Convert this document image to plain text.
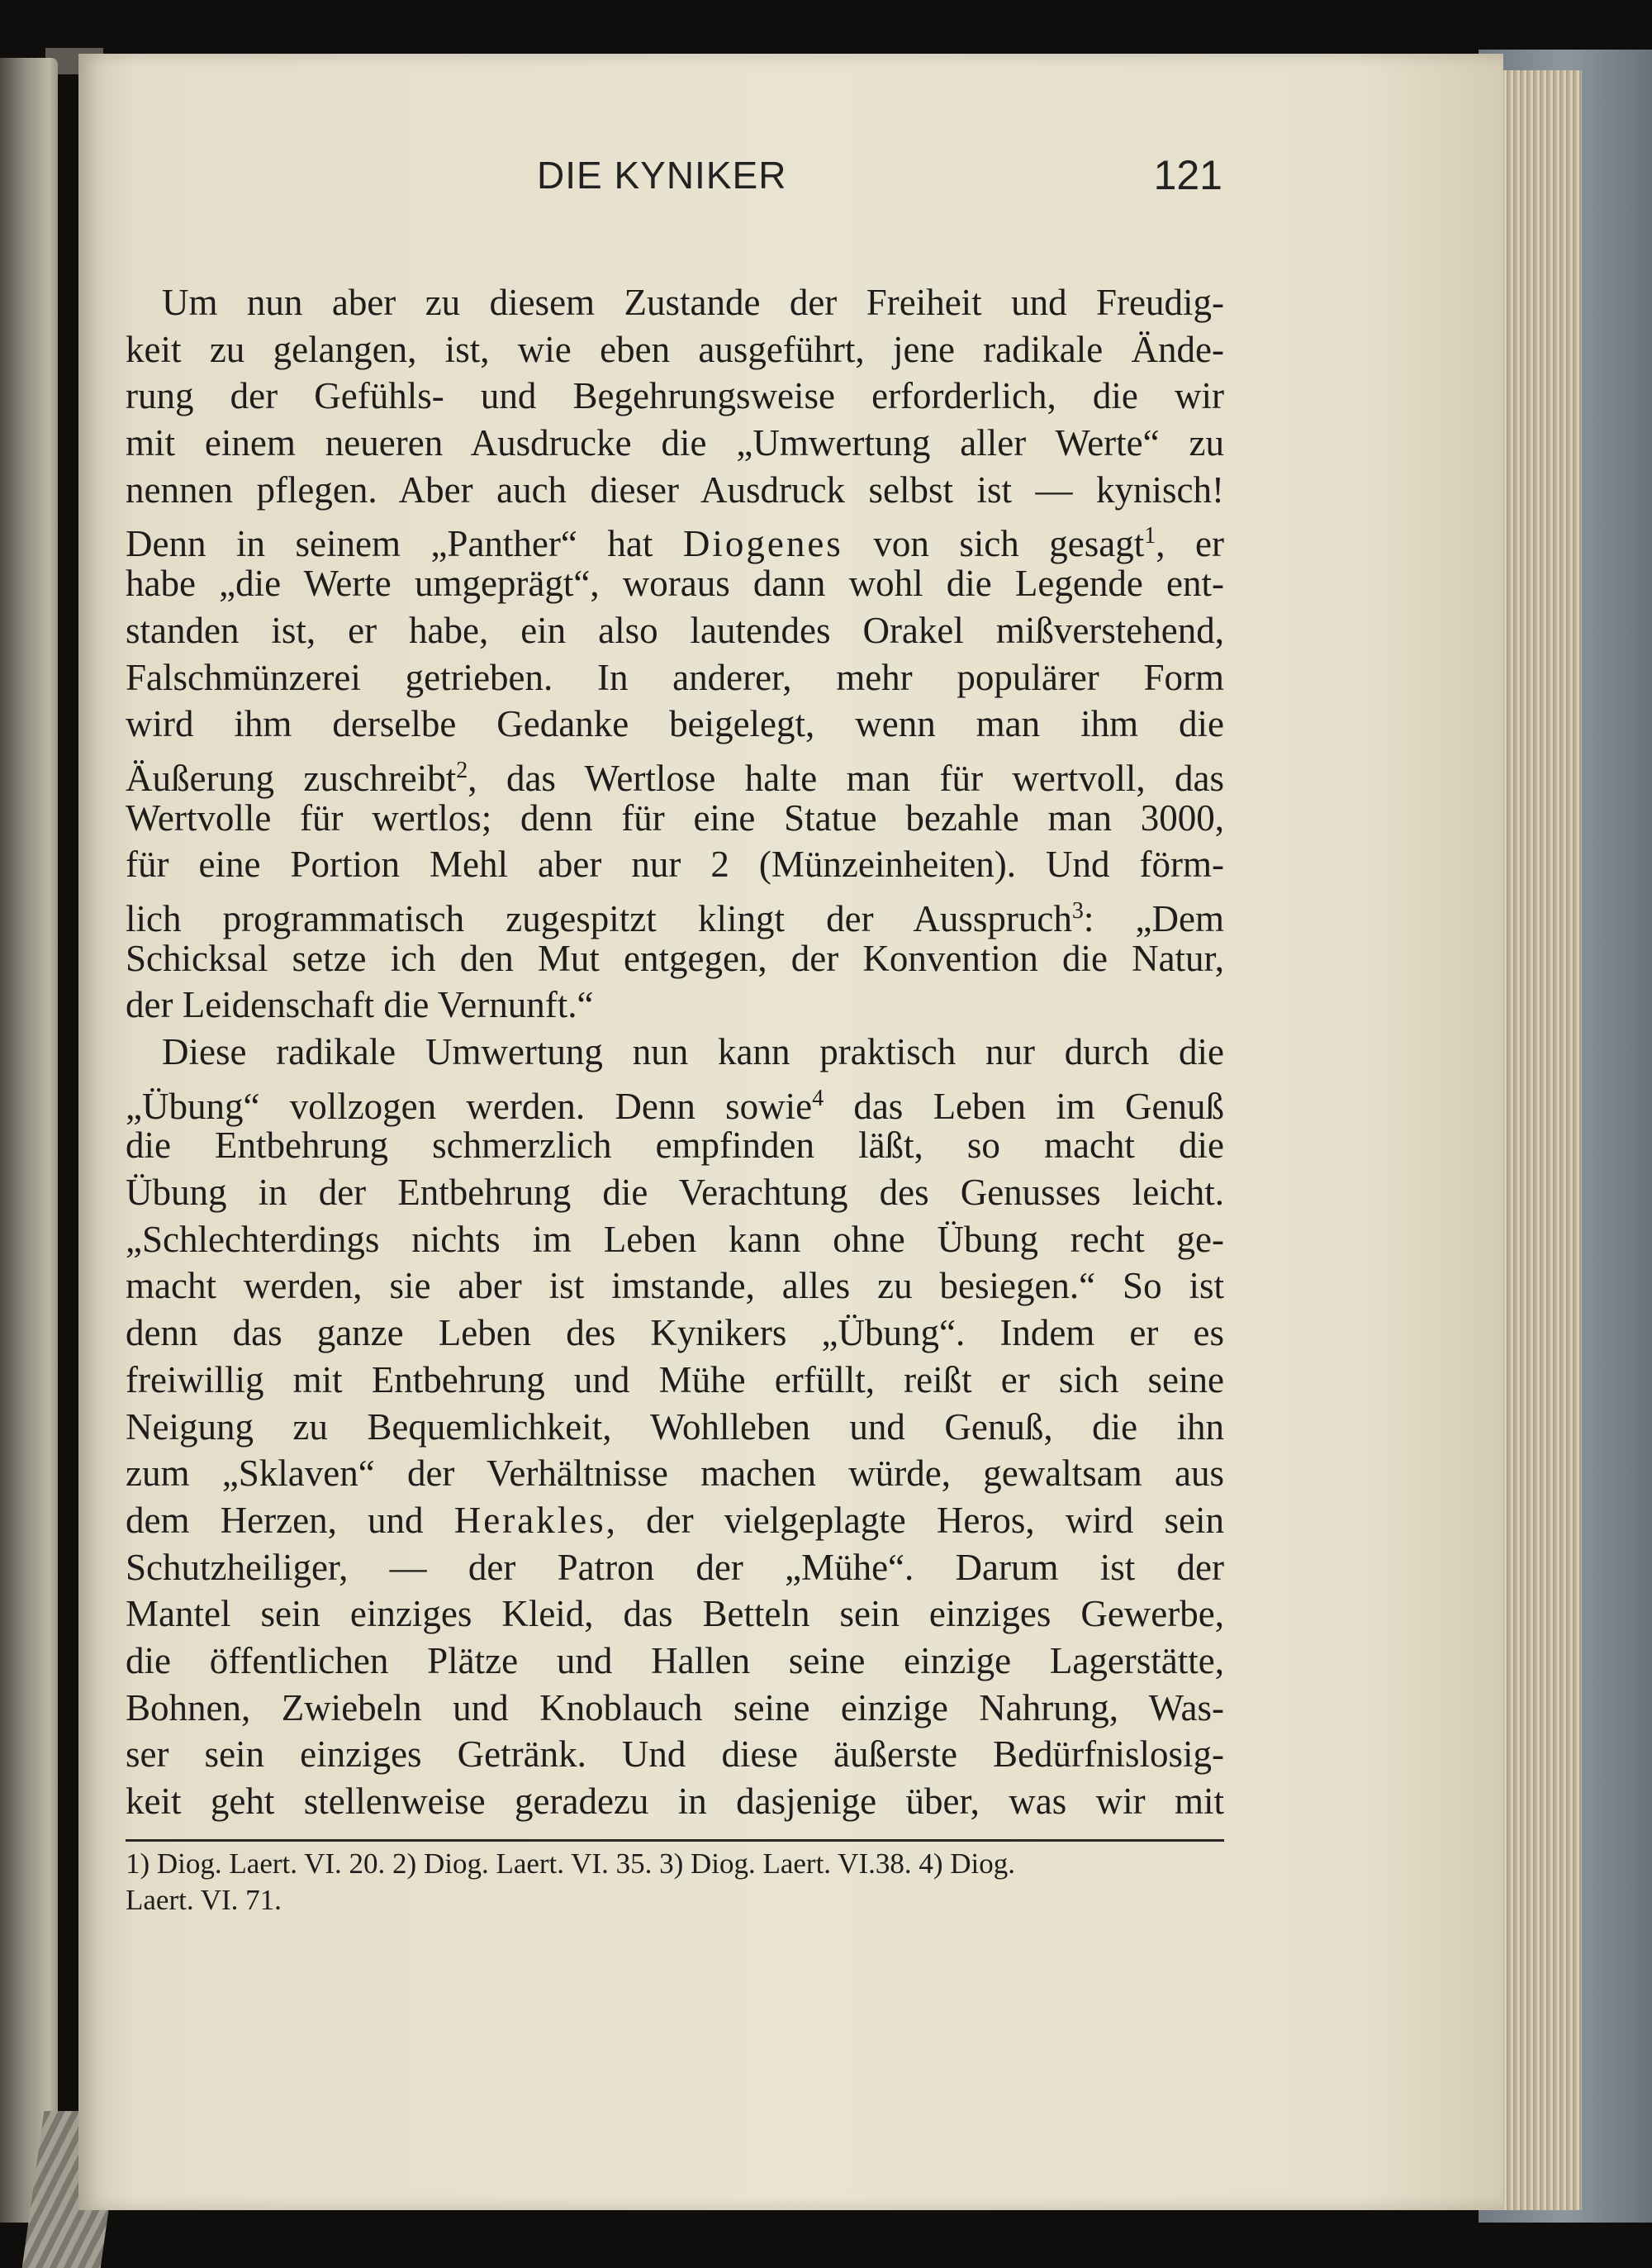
DIE KYNIKER	121
Um nun aber zu diesem Zustande der Freiheit und Freudig-
keit zu gelangen, ist, wie eben ausgeführt, jene radikale Ände-
rung der Gefühls- und Begehrungsweise erforderlich, die wir
mit einem neueren Ausdrucke die „Umwertung aller Werte“ zu
nennen pflegen. Aber auch dieser Ausdruck selbst ist — kynisch!
Denn in seinem „Panther“ hat Diogenes von sich gesagt$^1$, er
habe „die Werte umgeprägt“, woraus dann wohl die Legende ent-
standen ist, er habe, ein also lautendes Orakel mißverstehend,
Falschmünzerei getrieben. In anderer, mehr populärer Form
wird ihm derselbe Gedanke beigelegt, wenn man ihm die
Äußerung zuschreibt$^2$, das Wertlose halte man für wertvoll, das
Wertvolle für wertlos; denn für eine Statue bezahle man 3000,
für eine Portion Mehl aber nur 2 (Münzeinheiten). Und förm-
lich programmatisch zugespitzt klingt der Ausspruch$^3$: „Dem
Schicksal setze ich den Mut entgegen, der Konvention die Natur,
der Leidenschaft die Vernunft.“
Diese radikale Umwertung nun kann praktisch nur durch die
„Übung“ vollzogen werden. Denn sowie$^4$ das Leben im Genuß
die Entbehrung schmerzlich empfinden läßt, so macht die
Übung in der Entbehrung die Verachtung des Genusses leicht.
„Schlechterdings nichts im Leben kann ohne Übung recht ge-
macht werden, sie aber ist imstande, alles zu besiegen.“ So ist
denn das ganze Leben des Kynikers „Übung“. Indem er es
freiwillig mit Entbehrung und Mühe erfüllt, reißt er sich seine
Neigung zu Bequemlichkeit, Wohlleben und Genuß, die ihn
zum „Sklaven“ der Verhältnisse machen würde, gewaltsam aus
dem Herzen, und Herakles, der vielgeplagte Heros, wird sein
Schutzheiliger, — der Patron der „Mühe“. Darum ist der
Mantel sein einziges Kleid, das Betteln sein einziges Gewerbe,
die öffentlichen Plätze und Hallen seine einzige Lagerstätte,
Bohnen, Zwiebeln und Knoblauch seine einzige Nahrung, Was-
ser sein einziges Getränk. Und diese äußerste Bedürfnislosig-
keit geht stellenweise geradezu in dasjenige über, was wir mit
1) Diog. Laert. VI. 20. 2) Diog. Laert. VI. 35. 3) Diog. Laert. VI.38. 4) Diog.
Laert. VI. 71.
